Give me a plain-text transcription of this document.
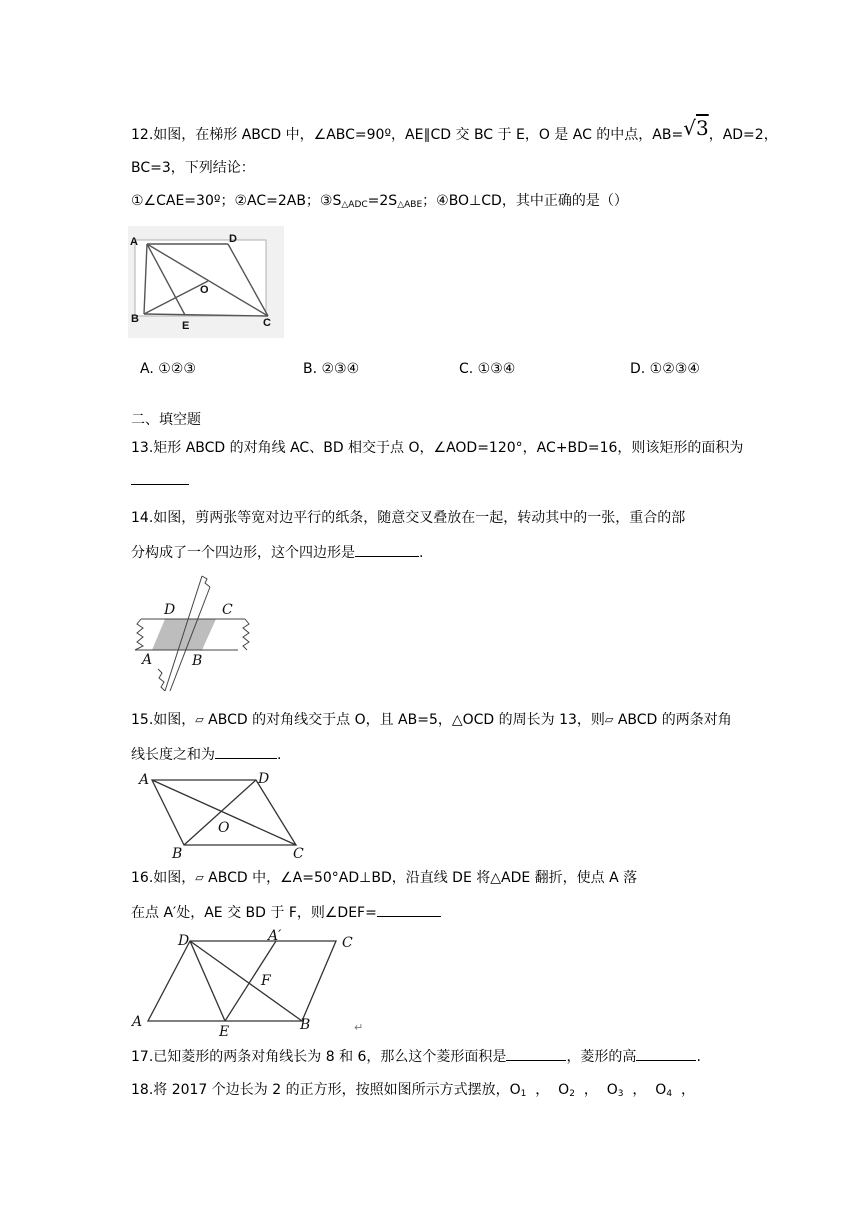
12.如图，在梯形 ABCD 中，∠ABC=90º，AE∥CD 交 BC 于 E，O 是 AC 的中点，AB=√3，AD=2，
BC=3，下列结论：
①∠CAE=30º；②AC=2AB；$③S_{\triangle ADC}=2S_{\triangle ABE}$；④BO⊥CD，其中正确的是（）
A	D
O
B
E	C
A. ①②③	B. ②③④	C. ①③④	D. ①②③④
二、填空题
13.矩形 ABCD 的对角线 AC、BD 相交于点 O，∠AOD=120°，AC+BD=16，则该矩形的面积为
14.如图，剪两张等宽对边平行的纸条，随意交叉叠放在一起，转动其中的一张，重合的部
分构成了一个四边形，这个四边形是	.
D	C
A	B
15.如图，▱ ABCD 的对角线交于点 O，且 AB=5，△OCD 的周长为 13，则▱ ABCD 的两条对角
线长度之和为	.
A	D
O
B	C
16.如图，▱ ABCD 中，∠A=50°AD⊥BD，沿直线 DE 将△ADE 翻折，使点 A 落
在点 A′处，AE 交 BD 于 F，则∠DEF=
D	A′	C
F
A
E	B	↵
17.已知菱形的两条对角线长为 8 和 6，那么这个菱形面积是	，菱形的高	.
18.将 2017 个边长为 2 的正方形，按照如图所示方式摆放，$O_1$  ，  $O_2$  ，  $O_3$  ，  $O_4$  ，
